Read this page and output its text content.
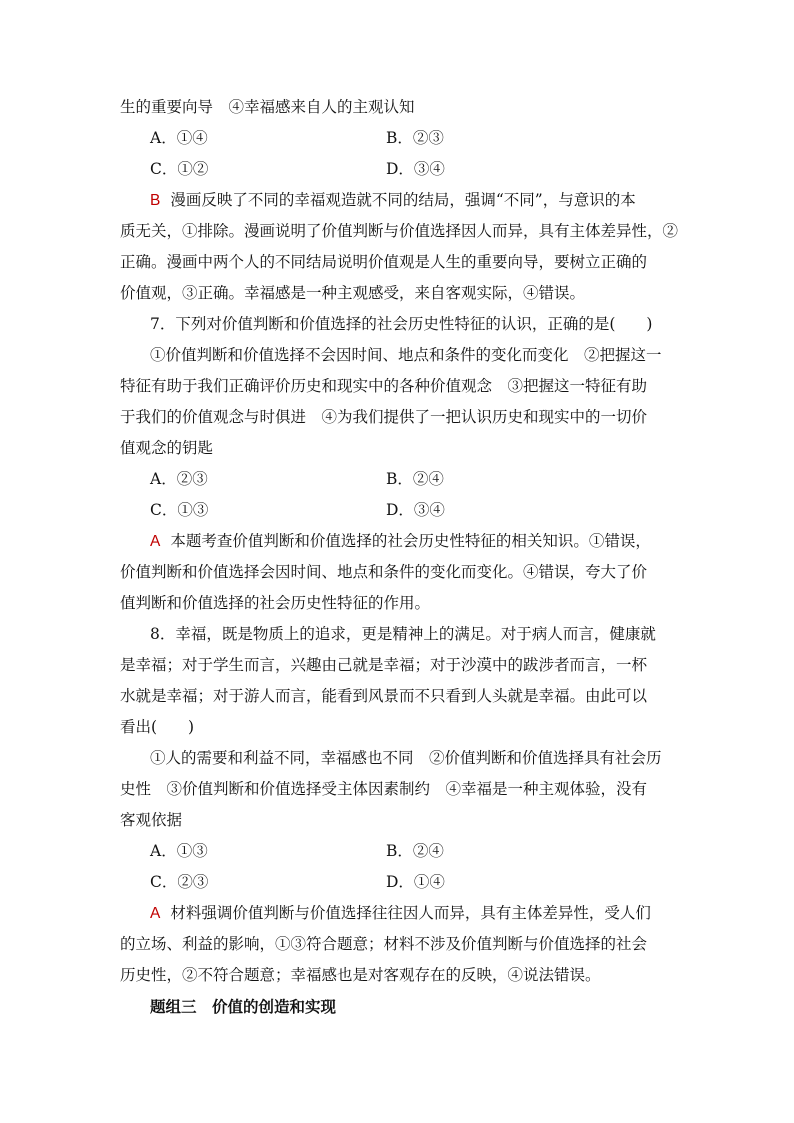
生的重要向导　④幸福感来自人的主观认知
A．①④	B．②③
C．①②	D．③④
B 漫画反映了不同的幸福观造就不同的结局，强调“不同”，与意识的本
质无关，①排除。漫画说明了价值判断与价值选择因人而异，具有主体差异性，②
正确。漫画中两个人的不同结局说明价值观是人生的重要向导，要树立正确的
价值观，③正确。幸福感是一种主观感受，来自客观实际，④错误。
7．下列对价值判断和价值选择的社会历史性特征的认识，正确的是(　　)
①价值判断和价值选择不会因时间、地点和条件的变化而变化　②把握这一
特征有助于我们正确评价历史和现实中的各种价值观念　③把握这一特征有助
于我们的价值观念与时俱进　④为我们提供了一把认识历史和现实中的一切价
值观念的钥匙
A．②③	B．②④
C．①③	D．③④
A 本题考查价值判断和价值选择的社会历史性特征的相关知识。①错误，
价值判断和价值选择会因时间、地点和条件的变化而变化。④错误，夸大了价
值判断和价值选择的社会历史性特征的作用。
8．幸福，既是物质上的追求，更是精神上的满足。对于病人而言，健康就
是幸福；对于学生而言，兴趣由己就是幸福；对于沙漠中的跋涉者而言，一杯
水就是幸福；对于游人而言，能看到风景而不只看到人头就是幸福。由此可以
看出(　　)
①人的需要和利益不同，幸福感也不同　②价值判断和价值选择具有社会历
史性　③价值判断和价值选择受主体因素制约　④幸福是一种主观体验，没有
客观依据
A．①③	B．②④
C．②③	D．①④
A 材料强调价值判断与价值选择往往因人而异，具有主体差异性，受人们
的立场、利益的影响，①③符合题意；材料不涉及价值判断与价值选择的社会
历史性，②不符合题意；幸福感也是对客观存在的反映，④说法错误。
题组三　价值的创造和实现
